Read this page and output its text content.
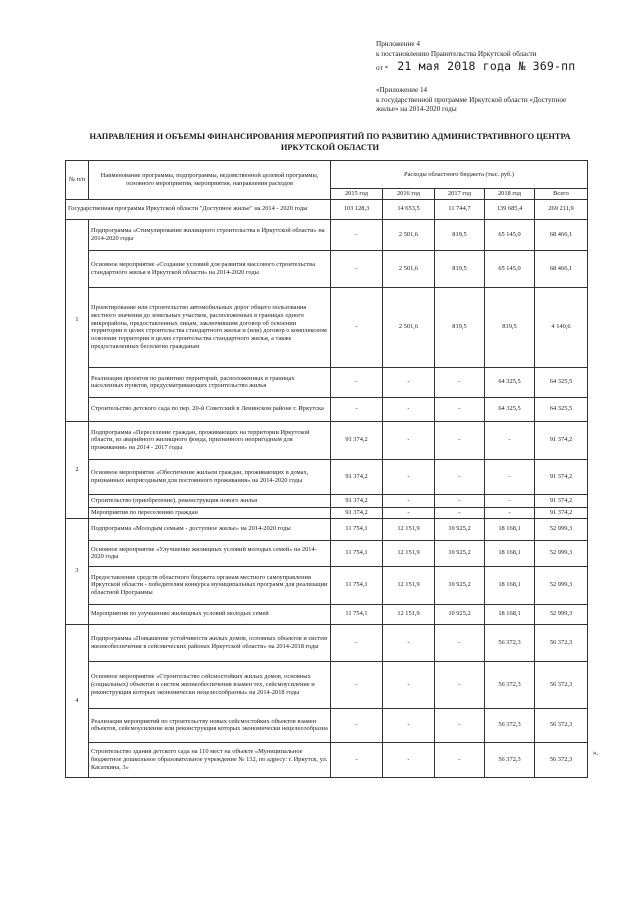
Приложение 4
к постановлению Правительства Иркутской области
от- 21 мая 2018 года № 369-пп
«Приложение 14
к государственной программе Иркутской области «Доступное
жилье» на 2014-2020 годы
НАПРАВЛЕНИЯ И ОБЪЕМЫ ФИНАНСИРОВАНИЯ МЕРОПРИЯТИЙ ПО РАЗВИТИЮ АДМИНИСТРАТИВНОГО ЦЕНТРА
ИРКУТСКОЙ ОБЛАСТИ
№ п/п	Наименование программы, подпрограммы, ведомственной целевой программы, основного мероприятия, мероприятия, направления расходов	Расходы областного бюджета (тыс. руб.)				
		2015 год	2016 год	2017 год	2018 год	Всего
Государственная программа Иркутской области "Доступное жилье" на 2014 - 2020 годы		103 128,3	14 653,5	11 744,7	139 685,4	269 211,9
1	Подпрограмма «Стимулирование жилищного строительства в Иркутской области» на 2014-2020 годы	-	2 501,6	819,5	65 145,0	68 466,1
	Основное мероприятие «Создание условий для развития массового строительства стандартного жилья в Иркутской области» на 2014-2020 годы	-	2 501,6	819,5	65 145,0	68 466,1
	Проектирование или строительство автомобильных дорог общего пользования местного значения до земельных участков, расположенных в границах одного микрорайона, предоставленных лицам, заключившим договор об освоении территории в целях строительства стандартного жилья и (или) договор о комплексном освоении территории в целях строительства стандартного жилья, а также предоставленных бесплатно гражданам	-	2 501,6	819,5	819,5	4 140,6
	Реализация проектов по развитию территорий, расположенных в границах населенных пунктов, предусматривающих строительство жилья	-	-	-	64 325,5	64 325,5
	Строительство детского сада по пер. 20-й Советский в Ленинском районе г. Иркутска	-	-	-	64 325,5	64 325,5
2	Подпрограмма «Переселение граждан, проживающих на территории Иркутской области, из аварийного жилищного фонда, признанного непригодным для проживания» на 2014 - 2017 годы	91 374,2	-	-	-	91 374,2
	Основное мероприятие «Обеспечение жильем граждан, проживающих в домах, признанных непригодными для постоянного проживания» на 2014-2020 годы	91 374,2	-	-	-	91 374,2
	Строительство (приобретение), реконструкция нового жилья	91 374,2	-	-	-	91 374,2
	Мероприятия по переселению граждан	91 374,2	-	-	-	91 374,2
3	Подпрограмма «Молодым семьям - доступное жилье» на 2014-2020 годы	11 754,1	12 151,9	10 925,2	18 168,1	52 999,3
	Основное мероприятие «Улучшение жилищных условий молодых семей» на 2014-2020 годы	11 754,1	12 151,9	10 925,2	18 168,1	52 999,3
	Предоставление средств областного бюджета органам местного самоуправления Иркутской области - победителям конкурса муниципальных программ для реализации областной Программы	11 754,1	12 151,9	10 925,2	18 168,1	52 999,3
	Мероприятия по улучшению жилищных условий молодых семей	11 754,1	12 151,9	10 925,2	18 168,1	52 999,3
4	Подпрограмма «Повышение устойчивости жилых домов, основных объектов и систем жизнеобеспечения в сейсмических районах Иркутской области» на 2014-2018 годы	-	-	-	56 372,3	56 372,3
	Основное мероприятие «Строительство сейсмостойких жилых домов, основных (социальных) объектов и систем жизнеобеспечения взамен тех, сейсмоусиление и реконструкция которых экономически нецелесообразны» на 2014-2018 годы	-	-	-	56 372,3	56 372,3
	Реализация мероприятий по строительству новых сейсмостойких объектов взамен объектов, сейсмоусиление или реконструкция которых экономически нецелесообразна	-	-	-	56 372,3	56 372,3
	Строительство здания детского сада на 110 мест на объекте «Муниципальное бюджетное дошкольное образовательное учреждение № 132, по адресу: г. Иркутск, ул. Касаткина, 3»	-	-	-	56 372,3	56 372,3
».
